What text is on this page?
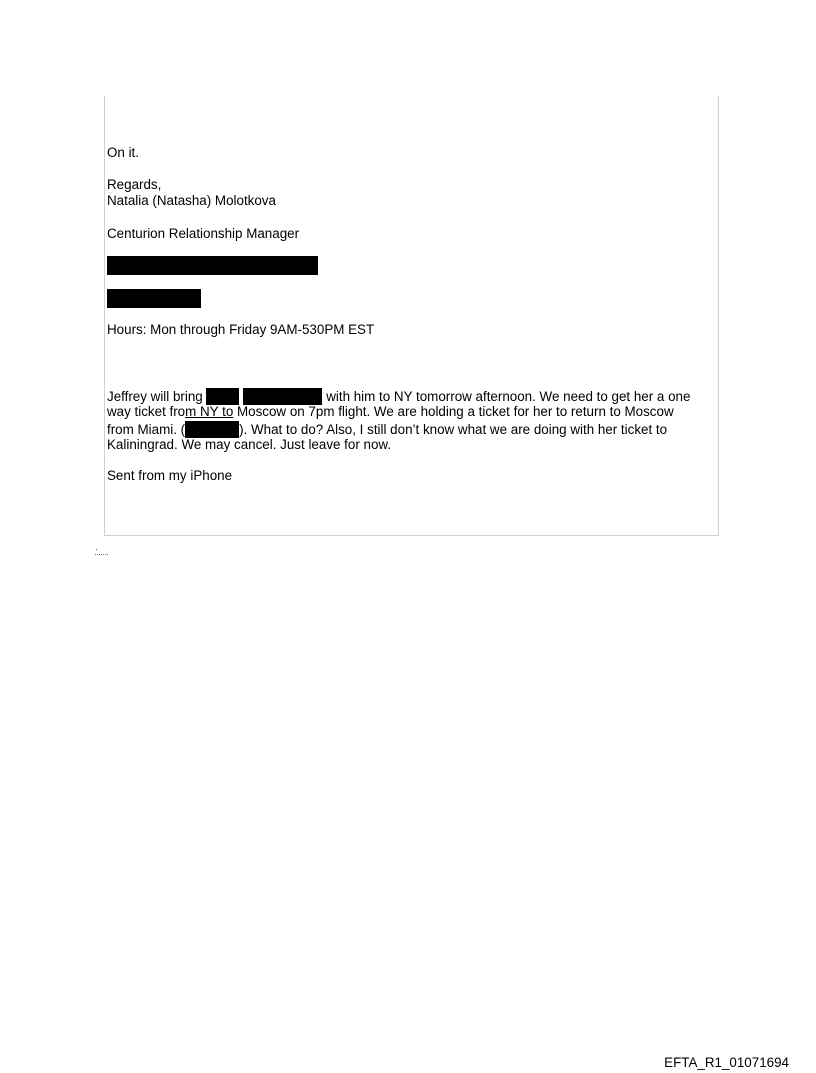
On it.
Regards,
Natalia (Natasha) Molotkova
Centurion Relationship Manager
Hours: Mon through Friday 9AM-530PM EST
Jeffrey will bring	with him to NY tomorrow afternoon. We need to get her a one
way ticket from NY to Moscow on 7pm flight. We are holding a ticket for her to return to Moscow
from Miami. (	). What to do? Also, I still don’t know what we are doing with her ticket to
Kaliningrad. We may cancel. Just leave for now.
Sent from my iPhone
EFTA_R1_01071694
